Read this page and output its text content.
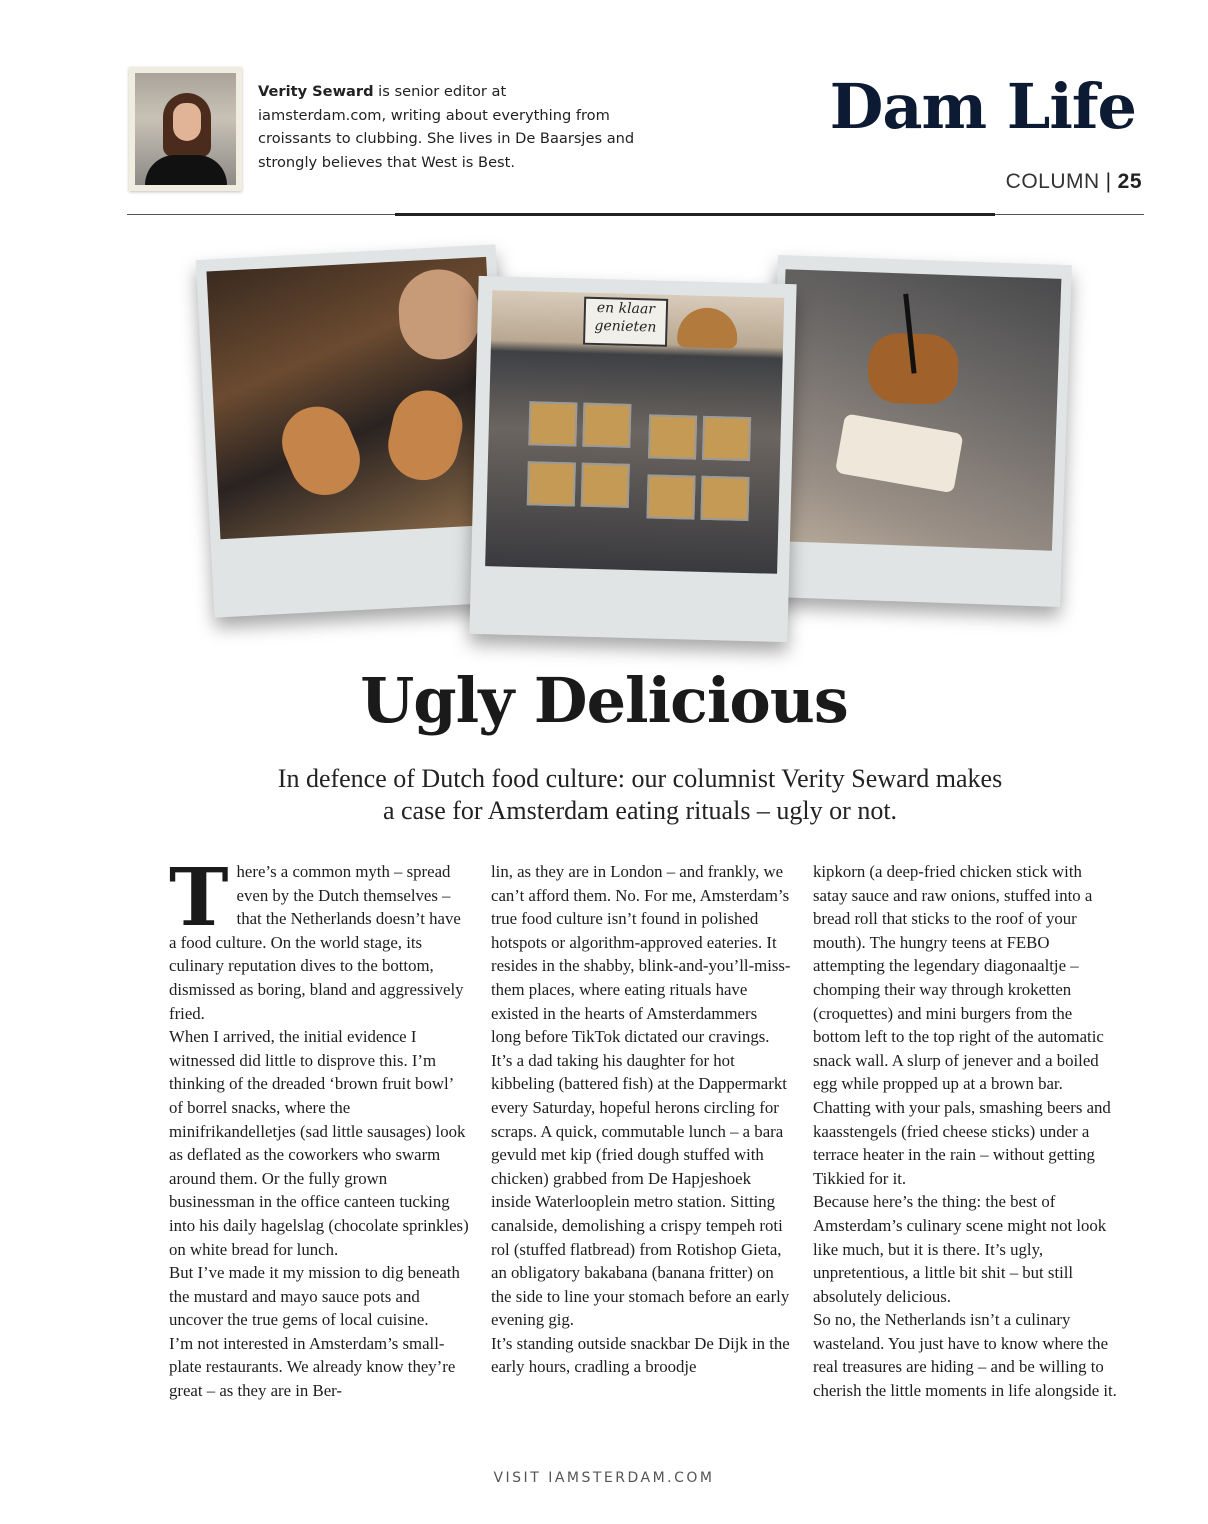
Verity Seward is senior editor at iamsterdam.com, writing about everything from croissants to clubbing. She lives in De Baarsjes and strongly believes that West is Best.
Dam Life
COLUMN | 25
en klaar genieten
Ugly Delicious
In defence of Dutch food culture: our columnist Verity Seward makes
a case for Amsterdam eating rituals – ugly or not.
T here’s a common myth – spread even by the Dutch themselves – that the Netherlands doesn’t have a food culture. On the world stage, its culinary reputation dives to the bottom, dismissed as boring, bland and aggressively fried.

When I arrived, the initial evidence I witnessed did little to disprove this. I’m thinking of the dreaded ‘brown fruit bowl’ of borrel snacks, where the minifrikandelletjes (sad little sausages) look as deflated as the coworkers who swarm around them. Or the fully grown businessman in the office canteen tucking into his daily hagelslag (chocolate sprinkles) on white bread for lunch.

But I’ve made it my mission to dig beneath the mustard and mayo sauce pots and uncover the true gems of local cuisine.

I’m not interested in Amsterdam’s small-plate restaurants. We already know they’re great – as they are in Ber-

lin, as they are in London – and frankly, we can’t afford them. No. For me, Amsterdam’s true food culture isn’t found in polished hotspots or algorithm-approved eateries. It resides in the shabby, blink-and-you’ll-miss-them places, where eating rituals have existed in the hearts of Amsterdammers long before TikTok dictated our cravings.

It’s a dad taking his daughter for hot kibbeling (battered fish) at the Dappermarkt every Saturday, hopeful herons circling for scraps. A quick, commutable lunch – a bara gevuld met kip (fried dough stuffed with chicken) grabbed from De Hapjeshoek inside Waterlooplein metro station. Sitting canalside, demolishing a crispy tempeh roti rol (stuffed flatbread) from Rotishop Gieta, an obligatory bakabana (banana fritter) on the side to line your stomach before an early evening gig.

It’s standing outside snackbar De Dijk in the early hours, cradling a broodje

kipkorn (a deep-fried chicken stick with satay sauce and raw onions, stuffed into a bread roll that sticks to the roof of your mouth). The hungry teens at FEBO attempting the legendary diagonaaltje – chomping their way through kroketten (croquettes) and mini burgers from the bottom left to the top right of the automatic snack wall. A slurp of jenever and a boiled egg while propped up at a brown bar. Chatting with your pals, smashing beers and kaasstengels (fried cheese sticks) under a terrace heater in the rain – without getting Tikkied for it.

Because here’s the thing: the best of Amsterdam’s culinary scene might not look like much, but it is there. It’s ugly, unpretentious, a little bit shit – but still absolutely delicious.

So no, the Netherlands isn’t a culinary wasteland. You just have to know where the real treasures are hiding – and be willing to cherish the little moments in life alongside it.

VISIT IAMSTERDAM.COM
